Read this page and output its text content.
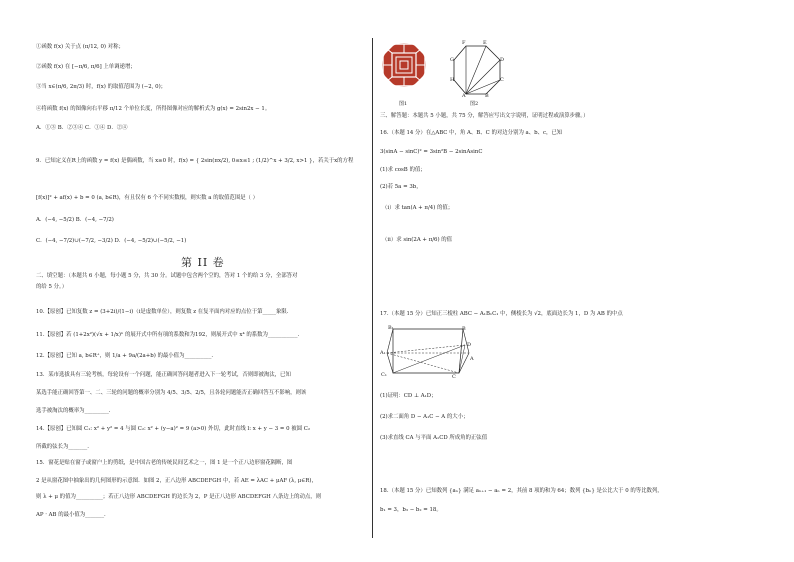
①函数 f(x) 关于点 (π/12, 0) 对称；
②函数 f(x) 在 [−π/6, π/6] 上单调递增；
③当 x∈(π/6, 2π/3) 时，f(x) 的取值范围为 (−2, 0)；
④将函数 f(x) 的图像向右平移 π/12 个单位长度，所得图像对应的解析式为 g(x) = 2sin2x − 1。
A．①③ B．②③④ C．①④ D．②④
9．已知定义在R上的函数 y = f(x) 是偶函数，当 x≥0 时，f(x) = { 2sin(πx/2), 0≤x≤1 ; (1/2)^x + 3/2, x>1 }，若关于x的方程
[f(x)]² + af(x) + b = 0 (a, b∈R)，有且仅有 6 个不同实数根，则实数 a 的取值范围是（ ）
A．(−4, −5/2) B．(−4, −7/2)
C．(−4, −7/2)∪(−7/2, −3/2) D．(−4, −5/2)∪(−5/2, −1)
第 II 卷
二、填空题：（本题共 6 小题，每小题 5 分，共 30 分。试题中包含两个空的，答对 1 个的给 3 分，全部答对
的给 5 分。）
10.【原创】已知复数 z = (3+2i)/(1−i)（i是虚数单位），则复数 z 在复平面内对应的点位于第_____象限.
11.【原创】若 (1+2x²)(√x + 1/x)ⁿ 的展开式中所有项的系数和为192，则展开式中 x⁴ 的系数为___________.
12.【原创】已知 a, b∈R⁺，则 1/a + 9a/(2a+b) 的最小值为__________.
13．某市选拔具有三轮考核，每轮设有一个问题，能正确回答问题者进入下一轮考试，否则即被淘汰，已知
某选手能正确回答第一、二、三轮的问题的概率分别为 4/5、3/5、2/5，且各轮问题能否正确回答互不影响，则该
选手被淘汰的概率为_________.
14.【原创】已知圆 C₁: x² + y² = 4 与圆 C₂: x² + (y−a)² = 9 (a>0) 外切，此时直线 l: x + y − 3 = 0 被圆 C₂
所截的弦长为_______.
15．窗花是贴在窗子或窗户上的剪纸，是中国古老的传统民间艺术之一，图 1 是一个正八边形窗花隔断，图
2 是从窗花图中抽象出的几何图形的示意图．如图 2，正八边形 ABCDEFGH 中，若 AE = λAC + μAF (λ, μ∈R)，
则 λ + μ 的值为__________；若正八边形 ABCDEFGH 的边长为 2，P 是正八边形 ABCDEFGH 八条边上的动点，则
AP · AB 的最小值为_______.
图1
F	E
G	D
H	C
A	B
图2
三、解答题：本题共 5 小题，共 75 分，解答应写出文字说明，证明过程或演算步骤。）
16.（本题 14 分）在△ABC 中，角 A、B、C 的对边分别为 a、b、c，已知
3(sinA − sinC)² = 3sin²B − 2sinAsinC
(1)求 cosB 的值；
(2)若 5a = 3b，
（ⅰ）求 tan(A + π/4) 的值；
（ⅱ）求 sin(2A + π/6) 的值
17.（本题 15 分）已知正三棱柱 ABC − A₁B₁C₁ 中，侧棱长为 √2，底面边长为 1，D 为 AB 的中点
B₁
A₁
C₁
D
A
B
C
(1)证明：CD ⊥ A₁D；
(2)求二面角 D − A₁C − A 的大小；
(3)求直线 CA 与平面 A₁CD 所成角的正弦值
18.（本题 15 分）已知数列 {aₙ} 满足 aₙ₊₁ − aₙ = 2，其前 8 项的和为 64；数列 {bₙ} 是公比大于 0 的等比数列，
b₁ = 3，b₃ − b₂ = 18。
